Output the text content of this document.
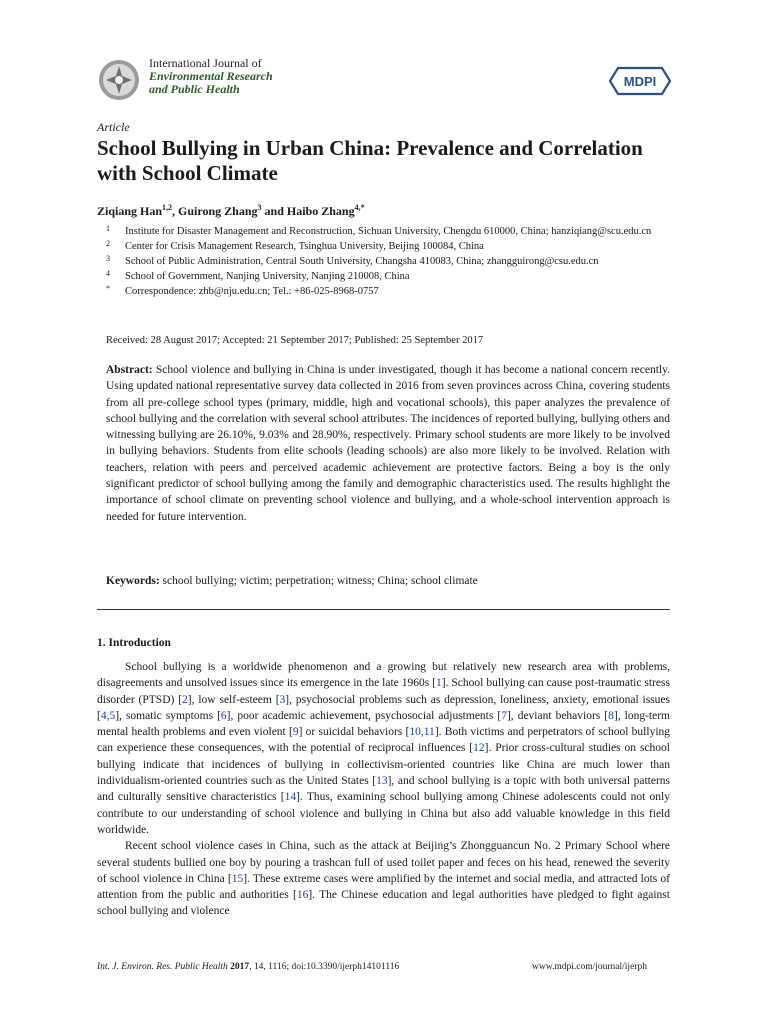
International Journal of
Environmental Research
and Public Health	MDPI
Article
School Bullying in Urban China: Prevalence and Correlation with School Climate
Ziqiang Han$^{1,2}$, Guirong Zhang$^3$ and Haibo Zhang$^{4,*}$
1	Institute for Disaster Management and Reconstruction, Sichuan University, Chengdu 610000, China; hanziqiang@scu.edu.cn
2	Center for Crisis Management Research, Tsinghua University, Beijing 100084, China
3	School of Public Administration, Central South University, Changsha 410083, China; zhangguirong@csu.edu.cn
4	School of Government, Nanjing University, Nanjing 210008, China
*	Correspondence: zhb@nju.edu.cn; Tel.: +86-025-8968-0757
Received: 28 August 2017; Accepted: 21 September 2017; Published: 25 September 2017
Abstract: School violence and bullying in China is under investigated, though it has become a national concern recently. Using updated national representative survey data collected in 2016 from seven provinces across China, covering students from all pre-college school types (primary, middle, high and vocational schools), this paper analyzes the prevalence of school bullying and the correlation with several school attributes. The incidences of reported bullying, bullying others and witnessing bullying are 26.10%, 9.03% and 28.90%, respectively. Primary school students are more likely to be involved in bullying behaviors. Students from elite schools (leading schools) are also more likely to be involved. Relation with teachers, relation with peers and perceived academic achievement are protective factors. Being a boy is the only significant predictor of school bullying among the family and demographic characteristics used. The results highlight the importance of school climate on preventing school violence and bullying, and a whole-school intervention approach is needed for future intervention.
Keywords: school bullying; victim; perpetration; witness; China; school climate
1. Introduction

School bullying is a worldwide phenomenon and a growing but relatively new research area with problems, disagreements and unsolved issues since its emergence in the late 1960s [1]. School bullying can cause post-traumatic stress disorder (PTSD) [2], low self-esteem [3], psychosocial problems such as depression, loneliness, anxiety, emotional issues [4,5], somatic symptoms [6], poor academic achievement, psychosocial adjustments [7], deviant behaviors [8], long-term mental health problems and even violent [9] or suicidal behaviors [10,11]. Both victims and perpetrators of school bullying can experience these consequences, with the potential of reciprocal influences [12]. Prior cross-cultural studies on school bullying indicate that incidences of bullying in collectivism-oriented countries like China are much lower than individualism-oriented countries such as the United States [13], and school bullying is a topic with both universal patterns and culturally sensitive characteristics [14]. Thus, examining school bullying among Chinese adolescents could not only contribute to our understanding of school violence and bullying in China but also add valuable knowledge in this field worldwide.

Recent school violence cases in China, such as the attack at Beijing’s Zhongguancun No. 2 Primary School where several students bullied one boy by pouring a trashcan full of used toilet paper and feces on his head, renewed the severity of school violence in China [15]. These extreme cases were amplified by the internet and social media, and attracted lots of attention from the public and authorities [16]. The Chinese education and legal authorities have pledged to fight against school bullying and violence

Int. J. Environ. Res. Public Health 2017, 14, 1116; doi:10.3390/ijerph14101116	www.mdpi.com/journal/ijerph
